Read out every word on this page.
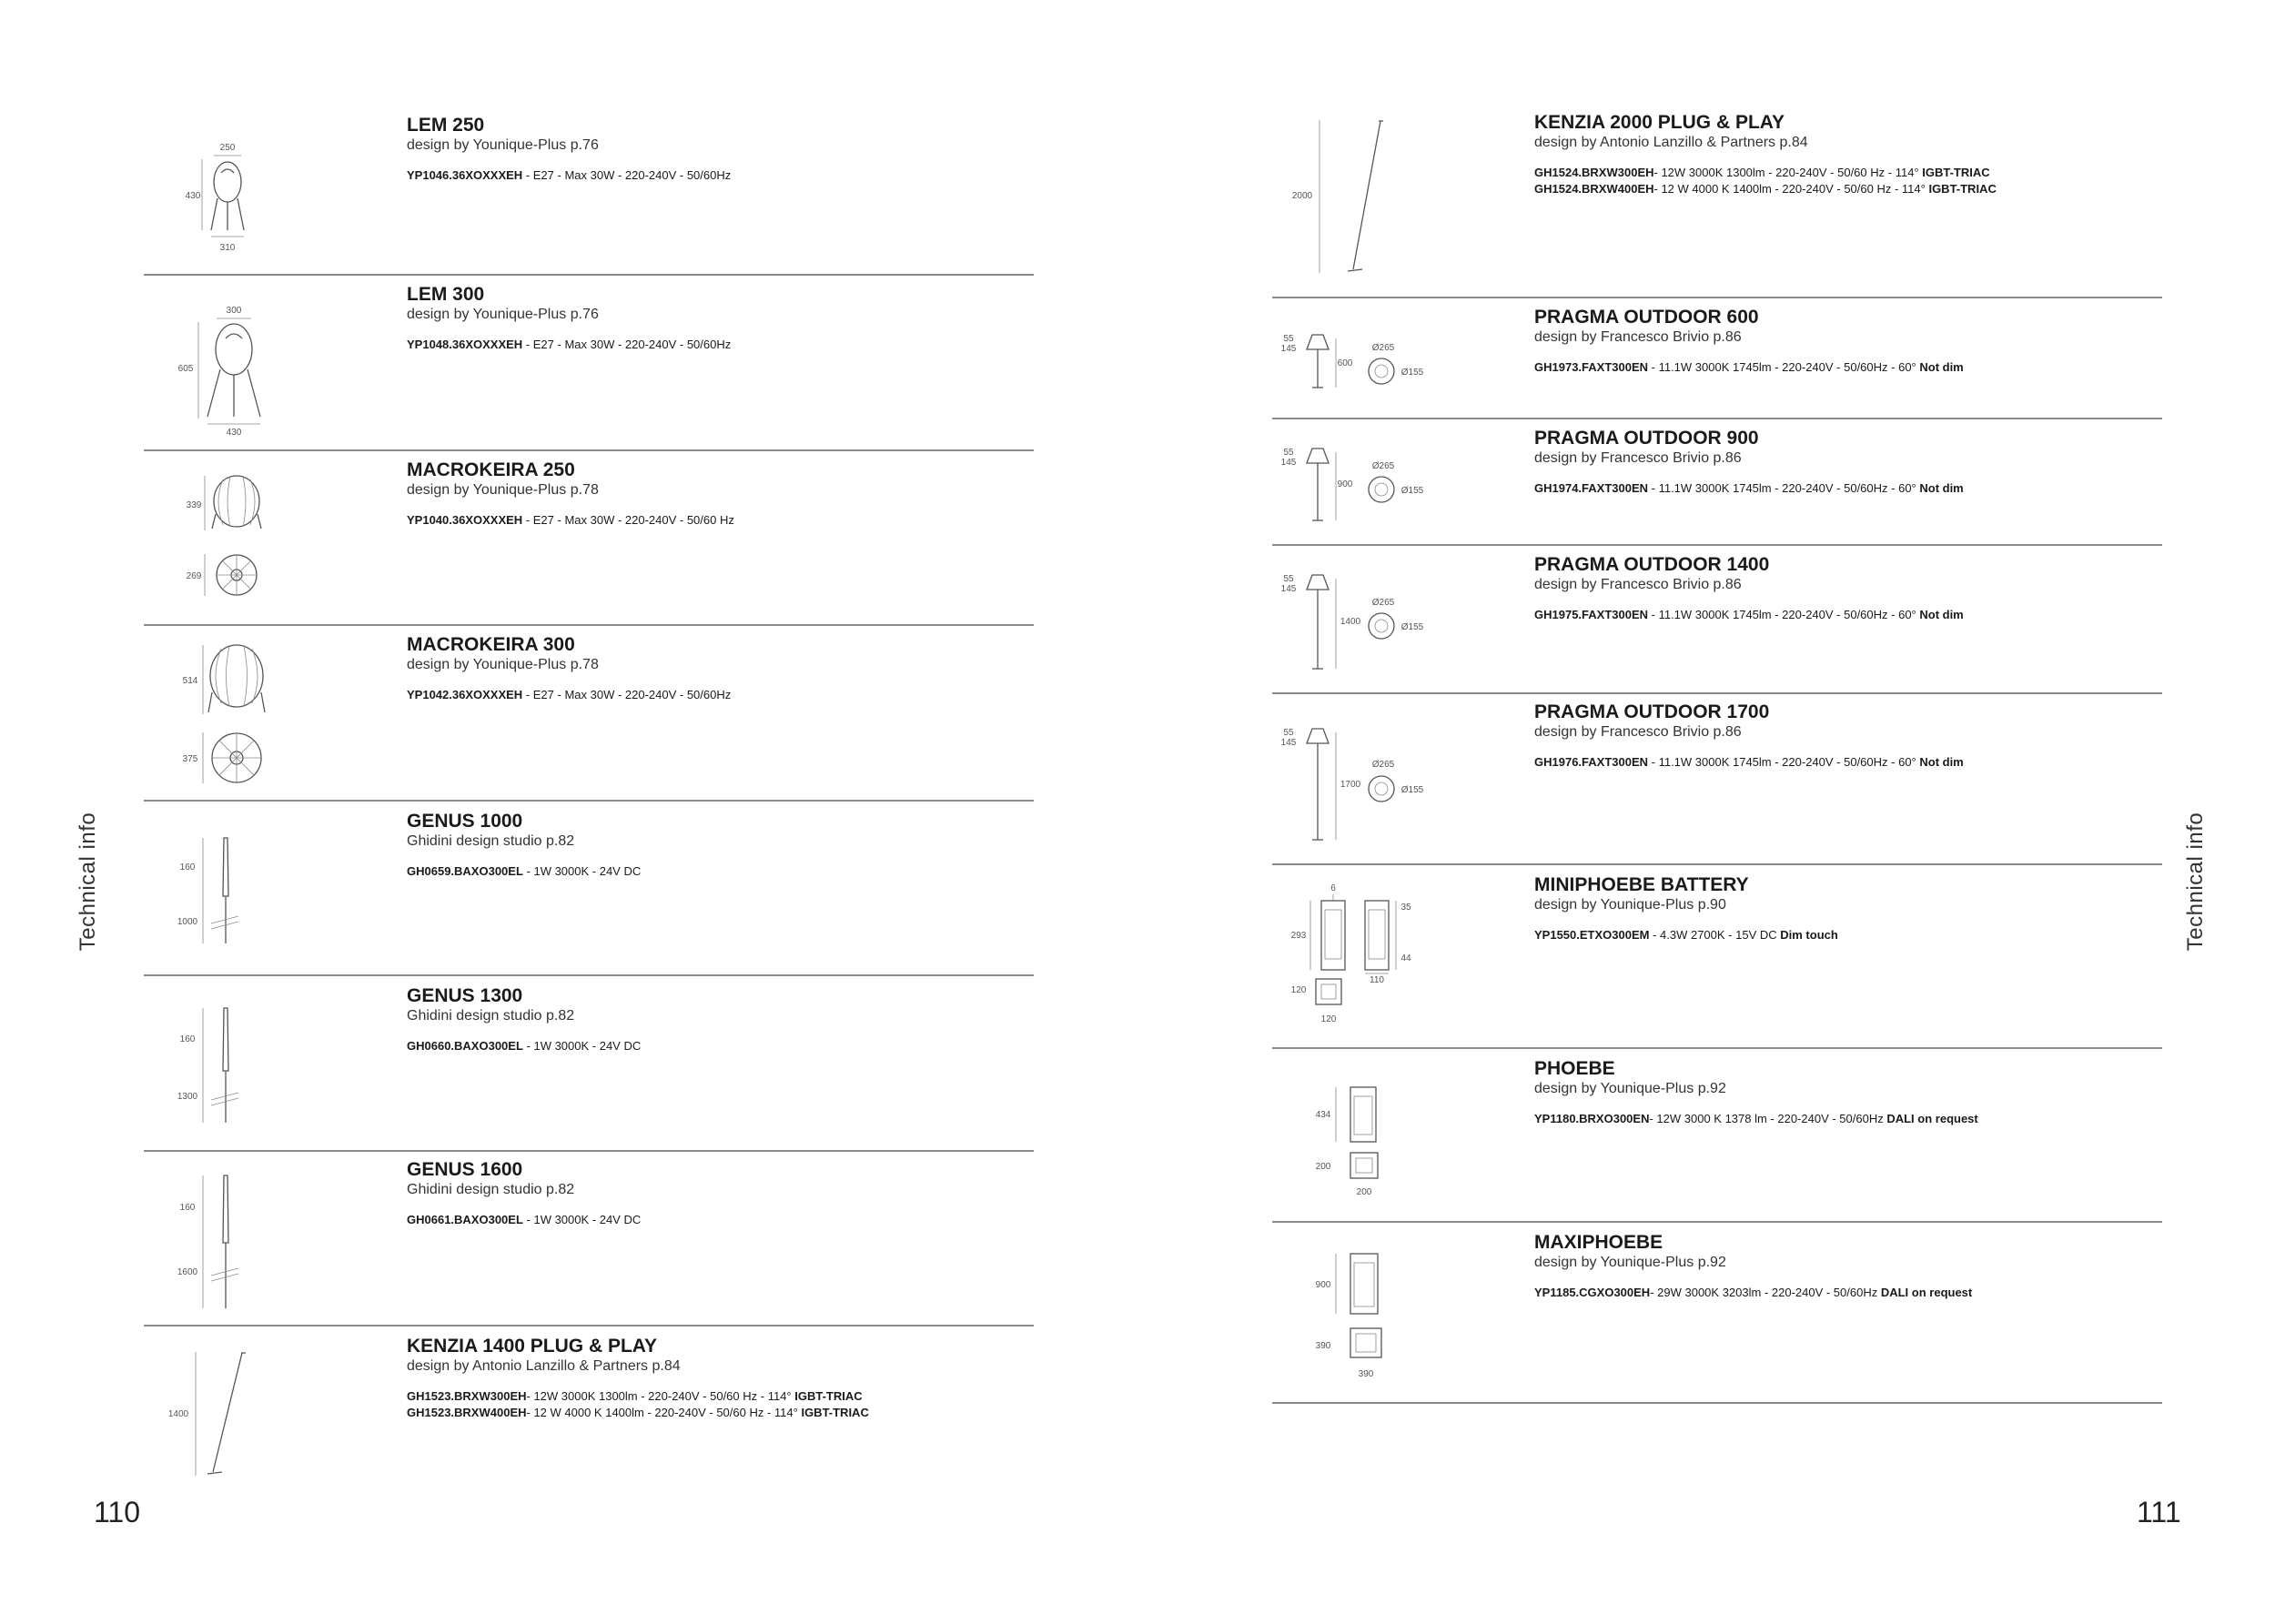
Technical info	Technical info
110	111
LEM 250
design by Younique-Plus p.76
YP1046.36XOXXXEH - E27 - Max 30W - 220-240V - 50/60Hz
250
430
310
LEM 300
design by Younique-Plus p.76
YP1048.36XOXXXEH - E27 - Max 30W - 220-240V - 50/60Hz
300
605
430
MACROKEIRA 250
design by Younique-Plus p.78
YP1040.36XOXXXEH - E27 - Max 30W - 220-240V - 50/60 Hz
339
269
MACROKEIRA 300
design by Younique-Plus p.78
YP1042.36XOXXXEH - E27 - Max 30W - 220-240V - 50/60Hz
514
375
GENUS 1000
Ghidini design studio p.82
GH0659.BAXO300EL - 1W 3000K - 24V DC
160
1000
GENUS 1300
Ghidini design studio p.82
GH0660.BAXO300EL - 1W 3000K - 24V DC
160
1300
GENUS 1600
Ghidini design studio p.82
GH0661.BAXO300EL - 1W 3000K - 24V DC
160
1600
KENZIA 1400 PLUG & PLAY
design by Antonio Lanzillo & Partners p.84
GH1523.BRXW300EH- 12W 3000K 1300lm - 220-240V - 50/60 Hz - 114° IGBT-TRIAC
GH1523.BRXW400EH- 12 W 4000 K 1400lm - 220-240V - 50/60 Hz - 114° IGBT-TRIAC
1400
KENZIA 2000 PLUG & PLAY
design by Antonio Lanzillo & Partners p.84
GH1524.BRXW300EH- 12W 3000K 1300lm - 220-240V - 50/60 Hz - 114° IGBT-TRIAC
GH1524.BRXW400EH- 12 W 4000 K 1400lm - 220-240V - 50/60 Hz - 114° IGBT-TRIAC
2000
PRAGMA OUTDOOR 600
design by Francesco Brivio p.86
GH1973.FAXT300EN - 11.1W 3000K 1745lm - 220-240V - 50/60Hz - 60° Not dim
55
145
600
Ø265
Ø155
PRAGMA OUTDOOR 900
design by Francesco Brivio p.86
GH1974.FAXT300EN - 11.1W 3000K 1745lm - 220-240V - 50/60Hz - 60° Not dim
55
145
900
Ø265
Ø155
PRAGMA OUTDOOR 1400
design by Francesco Brivio p.86
GH1975.FAXT300EN - 11.1W 3000K 1745lm - 220-240V - 50/60Hz - 60° Not dim
55
145
1400
Ø265
Ø155
PRAGMA OUTDOOR 1700
design by Francesco Brivio p.86
GH1976.FAXT300EN - 11.1W 3000K 1745lm - 220-240V - 50/60Hz - 60° Not dim
55
145
1700
Ø265
Ø155
MINIPHOEBE BATTERY
design by Younique-Plus p.90
YP1550.ETXO300EM - 4.3W 2700K - 15V DC Dim touch
6
35
293
44
110
120
120
PHOEBE
design by Younique-Plus p.92
YP1180.BRXO300EN- 12W 3000 K 1378 lm - 220-240V - 50/60Hz DALI on request
434
200
200
MAXIPHOEBE
design by Younique-Plus p.92
YP1185.CGXO300EH- 29W 3000K 3203lm - 220-240V - 50/60Hz DALI on request
900
390
390
